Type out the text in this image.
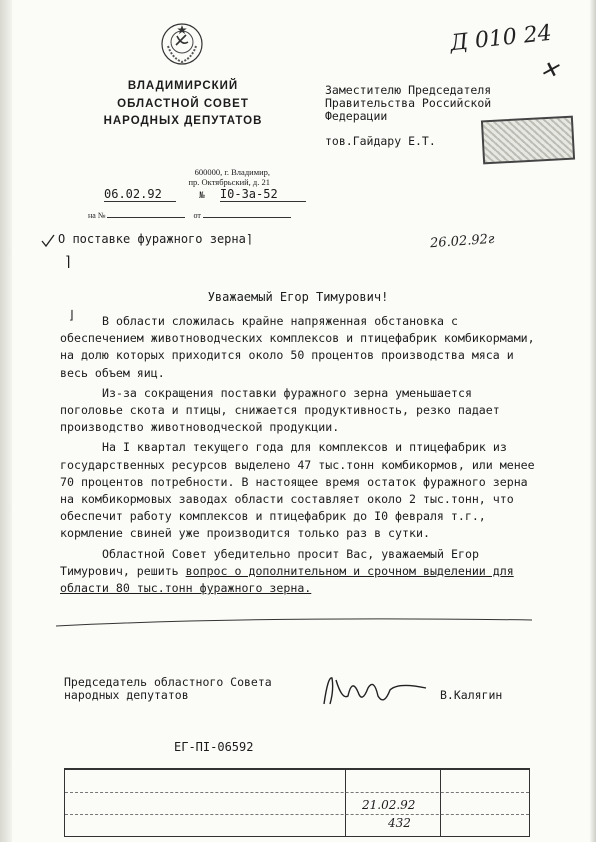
ВЛАДИМИРСКИЙ
ОБЛАСТНОЙ СОВЕТ
НАРОДНЫХ ДЕПУТАТОВ
600000, г. Владимир,
пр. Октябрьский, д. 21
06.02.92	№ I0-3а-52
на №	от
Заместителю Председателя
Правительства Российской
Федерации
тов.Гайдару Е.Т.
Д 010 24
✕
26.02.92г
О поставке фуражного зерна⌉
⌉
Уважаемый Егор Тимурович!
⌋	В области сложилась крайне напряженная обстановка с обеспечением животноводческих комплексов и птицефабрик комбикормами, на долю которых приходится около 50 процентов производства мяса и весь объем яиц.

Из-за сокращения поставки фуражного зерна уменьшается поголовье скота и птицы, снижается продуктивность, резко падает производство животноводческой продукции.

На I квартал текущего года для комплексов и птицефабрик из государственных ресурсов выделено 47 тыс.тонн комбикормов, или менее 70 процентов потребности. В настоящее время остаток фуражного зерна на комбикормовых заводах области составляет около 2 тыс.тонн, что обеспечит работу комплексов и птицефабрик до I0 февраля т.г., кормление свиней уже производится только раз в сутки.

Областной Совет убедительно просит Вас, уважаемый Егор Тимурович, решить вопрос о дополнительном и срочном выделении для области 80 тыс.тонн фуражного зерна.

Председатель областного Совета
народных депутатов	В.Калягин
ЕГ-ПI-06592
21.02.92
432
